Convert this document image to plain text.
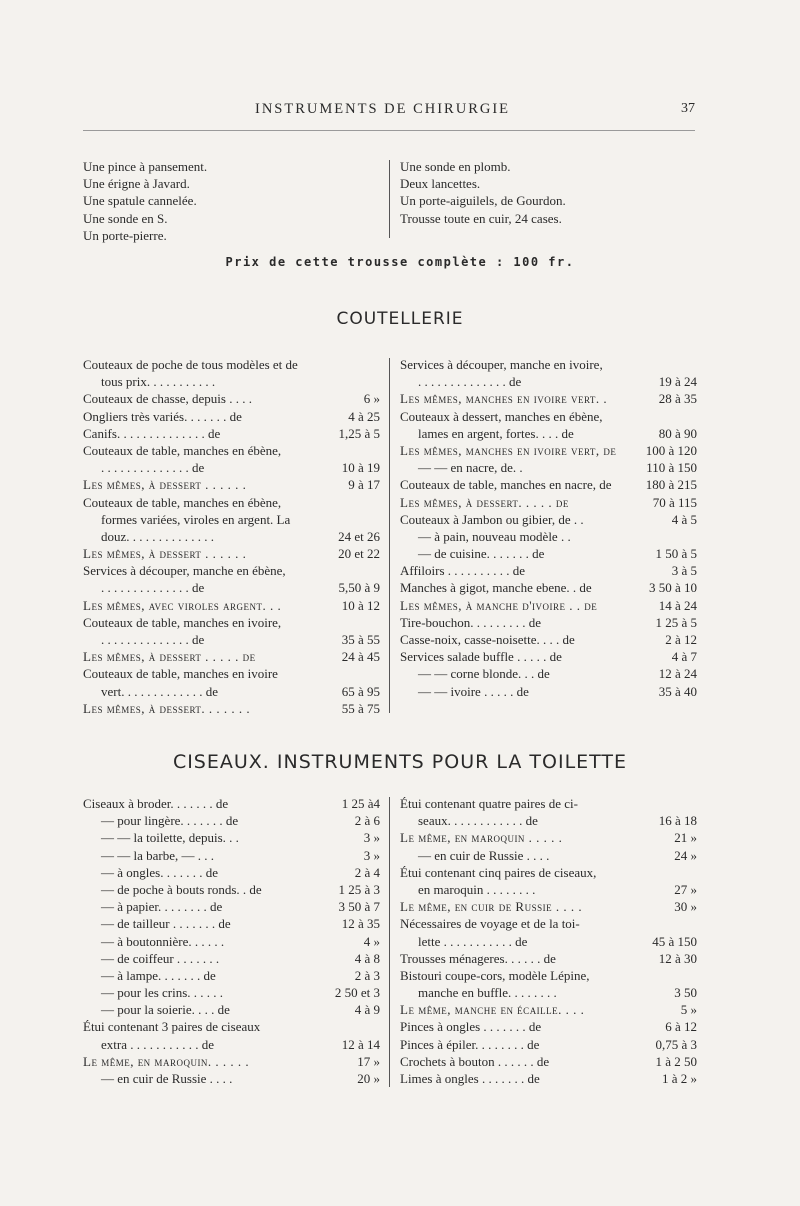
INSTRUMENTS DE CHIRURGIE	37
Une pince à pansement.
Une érigne à Javard.
Une spatule cannelée.
Une sonde en S.
Un porte-pierre.
Une sonde en plomb.
Deux lancettes.
Un porte-aiguilels, de Gourdon.
Trousse toute en cuir, 24 cases.
Prix de cette trousse complète : 100 fr.
COUTELLERIE
Couteaux de poche de tous modèles et de
tous prix. . . . . . . . . . .
Couteaux de chasse, depuis . . . .	6 »
Ongliers très variés. . . . . . . de	4 à 25
Canifs. . . . . . . . . . . . . . de	1,25 à 5
Couteaux de table, manches en ébène,
. . . . . . . . . . . . . . de	10 à 19
Les mêmes, à dessert . . . . . .	9 à 17
Couteaux de table, manches en ébène,
formes variées, viroles en argent. La
douz. . . . . . . . . . . . . .	24 et 26
Les mêmes, à dessert . . . . . .	20 et 22
Services à découper, manche en ébène,
. . . . . . . . . . . . . . de	5,50 à 9
Les mêmes, avec viroles argent. . .	10 à 12
Couteaux de table, manches en ivoire,
. . . . . . . . . . . . . . de	35 à 55
Les mêmes, à dessert . . . . . de	24 à 45
Couteaux de table, manches en ivoire
vert. . . . . . . . . . . . . de	65 à 95
Les mêmes, à dessert. . . . . . .	55 à 75
Services à découper, manche en ivoire,
. . . . . . . . . . . . . . de	19 à 24
Les mêmes, manches en ivoire vert. .	28 à 35
Couteaux à dessert, manches en ébène,
lames en argent, fortes. . . . de	80 à 90
Les mêmes, manches en ivoire vert, de 100 à 120
— — en nacre, de. .	110 à 150
Couteaux de table, manches en nacre, de	180 à 215
Les mêmes, à dessert. . . . . de	70 à 115
Couteaux à Jambon ou gibier, de . .	4 à 5
— à pain, nouveau modèle . .
— de cuisine. . . . . . . de	1 50 à 5
Affiloirs . . . . . . . . . . de	3 à 5
Manches à gigot, manche ebene. . de	3 50 à 10
Les mêmes, à manche d'ivoire . . de	14 à 24
Tire-bouchon. . . . . . . . . de	1 25 à 5
Casse-noix, casse-noisette. . . . de	2 à 12
Services salade buffle . . . . . de	4 à 7
— — corne blonde. . . de	12 à 24
— — ivoire . . . . . de	35 à 40
CISEAUX. INSTRUMENTS POUR LA TOILETTE
Ciseaux à broder. . . . . . . de	1 25 à4
— pour lingère. . . . . . . de	2 à 6
— — la toilette, depuis. . .	3 »
— — la barbe, — . . .	3 »
— à ongles. . . . . . . de	2 à 4
— de poche à bouts ronds. . de	1 25 à 3
— à papier. . . . . . . . de	3 50 à 7
— de tailleur . . . . . . . de	12 à 35
— à boutonnière. . . . . .	4 »
— de coiffeur . . . . . . .	4 à 8
— à lampe. . . . . . . de	2 à 3
— pour les crins. . . . . .	2 50 et 3
— pour la soierie. . . . de	4 à 9
Étui contenant 3 paires de ciseaux
extra . . . . . . . . . . . de	12 à 14
Le même, en maroquin. . . . . .	17 »
— en cuir de Russie . . . .	20 »
Étui contenant quatre paires de ci-
seaux. . . . . . . . . . . . de	16 à 18
Le même, en maroquin . . . . .	21 »
— en cuir de Russie . . . .	24 »
Étui contenant cinq paires de ciseaux,
en maroquin . . . . . . . .	27 »
Le même, en cuir de Russie . . . .	30 »
Nécessaires de voyage et de la toi-
lette . . . . . . . . . . . de	45 à 150
Trousses ménageres. . . . . . de	12 à 30
Bistouri coupe-cors, modèle Lépine,
manche en buffle. . . . . . . .	3 50
Le même, manche en écaille. . . .	5 »
Pinces à ongles . . . . . . . de	6 à 12
Pinces à épiler. . . . . . . . de	0,75 à 3
Crochets à bouton . . . . . . de	1 à 2 50
Limes à ongles . . . . . . . de	1 à 2 »
